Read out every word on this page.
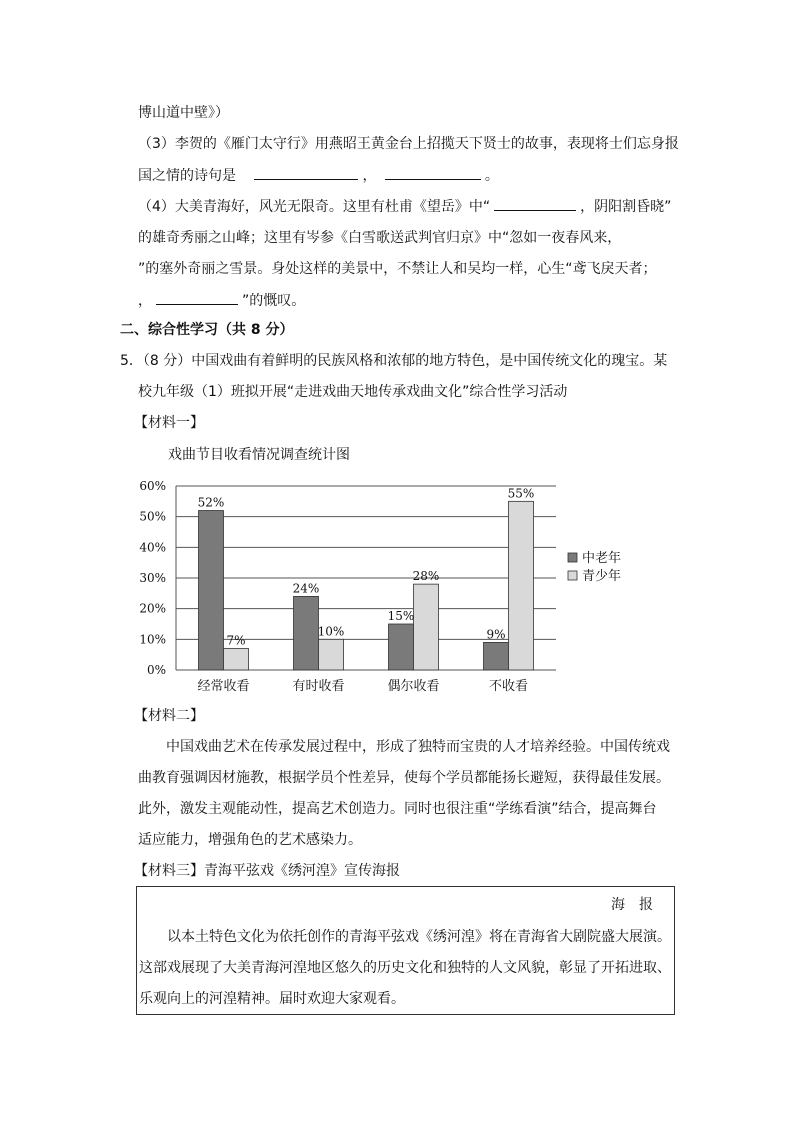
博山道中壁》）
（3）李贺的《雁门太守行》用燕昭王黄金台上招揽天下贤士的故事，表现将士们忘身报
国之情的诗句是	，	。
（4）大美青海好，风光无限奇。这里有杜甫《望岳》中“	，阴阳割昏晓”
的雄奇秀丽之山峰；这里有岑参《白雪歌送武判官归京》中“忽如一夜春风来，
”的塞外奇丽之雪景。身处这样的美景中，不禁让人和吴均一样，心生“鸢飞戾天者；
，	”的慨叹。
二、综合性学习（共 8 分）
5．（8 分）中国戏曲有着鲜明的民族风格和浓郁的地方特色，是中国传统文化的瑰宝。某
校九年级（1）班拟开展“走进戏曲天地传承戏曲文化”综合性学习活动
【材料一】
戏曲节目收看情况调查统计图
0%
10%
20%
30%
40%
50%
60%
52%
7%
经常收看
24%
10%
有时收看
15%
28%
偶尔收看
9%
55%
不收看
中老年
青少年
【材料二】
中国戏曲艺术在传承发展过程中，形成了独特而宝贵的人才培养经验。中国传统戏
曲教育强调因材施教，根据学员个性差异，使每个学员都能扬长避短，获得最佳发展。
此外，激发主观能动性，提高艺术创造力。同时也很注重“学练看演”结合，提高舞台
适应能力，增强角色的艺术感染力。
【材料三】青海平弦戏《绣河湟》宣传海报
海　报
以本土特色文化为依托创作的青海平弦戏《绣河湟》将在青海省大剧院盛大展演。
这部戏展现了大美青海河湟地区悠久的历史文化和独特的人文风貌，彰显了开拓进取、
乐观向上的河湟精神。届时欢迎大家观看。
